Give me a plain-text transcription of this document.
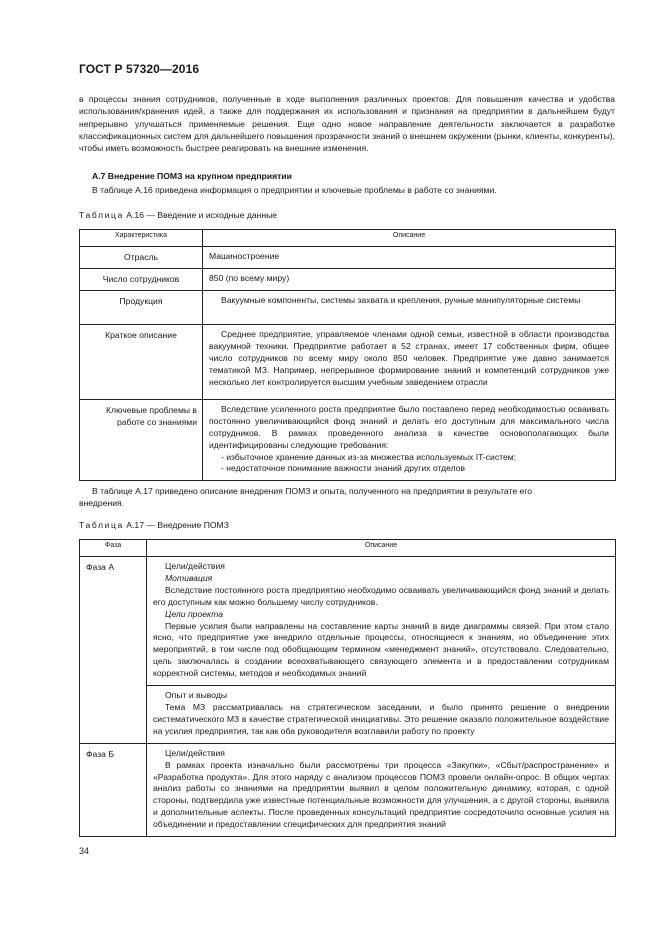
ГОСТ Р 57320—2016

в процессы знания сотрудников, полученные в ходе выполнения различных проектов. Для повышения качества и удобства использования/хранения идей, а также для поддержания их использования и признания на предприятии в дальнейшем будут непрерывно улучшаться применяемые решения. Еще одно новое направление деятельности заключается в разработке классификационных систем для дальнейшего повышения прозрачности знаний о внешнем окружении (рынки, клиенты, конкуренты), чтобы иметь возможность быстрее реагировать на внешние изменения.

А.7 Внедрение ПОМЗ на крупном предприятии
В таблице А.16 приведена информация о предприятии и ключевые проблемы в работе со знаниями.
Таблица А.16 — Введение и исходные данные
Характеристика	Описание
Отрасль	Машиностроение
Число сотрудников	850 (по всему миру)
Продукция	Вакуумные компоненты, системы захвата и крепления, ручные манипуляторные системы

Краткое описание	Среднее предприятие, управляемое членами одной семьи, известной в области производства вакуумной техники. Предприятие работает в 52 странах, имеет 17 собственных фирм, общее число сотрудников по всему миру около 850 человек. Предприятие уже давно занимается тематикой МЗ. Например, непрерывное формирование знаний и компетенций сотрудников уже несколько лет контролируется высшим учебным заведением отрасли

Ключевые проблемы в работе со знаниями	Вследствие усиленного роста предприятие было поставлено перед необходимостью осваивать постоянно увеличивающийся фонд знаний и делать его доступным для максимального числа сотрудников. В рамках проведенного анализа в качестве основополагающих были идентифицированы следующие требования:

- избыточное хранение данных из-за множества используемых IT-систем;

- недостаточное понимание важности знаний других отделов

В таблице А.17 приведено описание внедрения ПОМЗ и опыта, полученного на предприятии в результате его
внедрения.
Таблица А.17 — Внедрение ПОМЗ
Фаза	Описание
Фаза А	Цели/действия

Мотивация

Вследствие постоянного роста предприятию необходимо осваивать увеличивающийся фонд знаний и делать его доступным как можно большему числу сотрудников.

Цели проекта

Первые усилия были направлены на составление карты знаний в виде диаграммы связей. При этом стало ясно, что предприятие уже внедрило отдельные процессы, относящиеся к знаниям, но объединение этих мероприятий, в том числе под обобщающим термином «менеджмент знаний», отсутствовало. Следовательно, цель заключалась в создании всеохватывающего связующего элемента и в предоставлении сотрудникам корректной системы, методов и необходимых знаний

	Опыт и выводы

Тема МЗ рассматривалась на стратегическом заседании, и было принято решение о внедрении систематического МЗ в качестве стратегической инициативы. Это решение оказало положительное воздействие на усилия предприятия, так как оба руководителя возглавили работу по проекту

Фаза Б	Цели/действия

В рамках проекта изначально были рассмотрены три процесса «Закупки», «Сбыт/распространение» и «Разработка продукта». Для этого наряду с анализом процессов ПОМЗ провели онлайн-опрос. В общих чертах анализ работы со знаниями на предприятии выявил в целом положительную динамику, которая, с одной стороны, подтвердила уже известные потенциальные возможности для улучшения, а с другой стороны, выявила и дополнительные аспекты. После проведенных консультаций предприятие сосредоточило основные усилия на объединении и предоставлении специфических для предприятия знаний

34
